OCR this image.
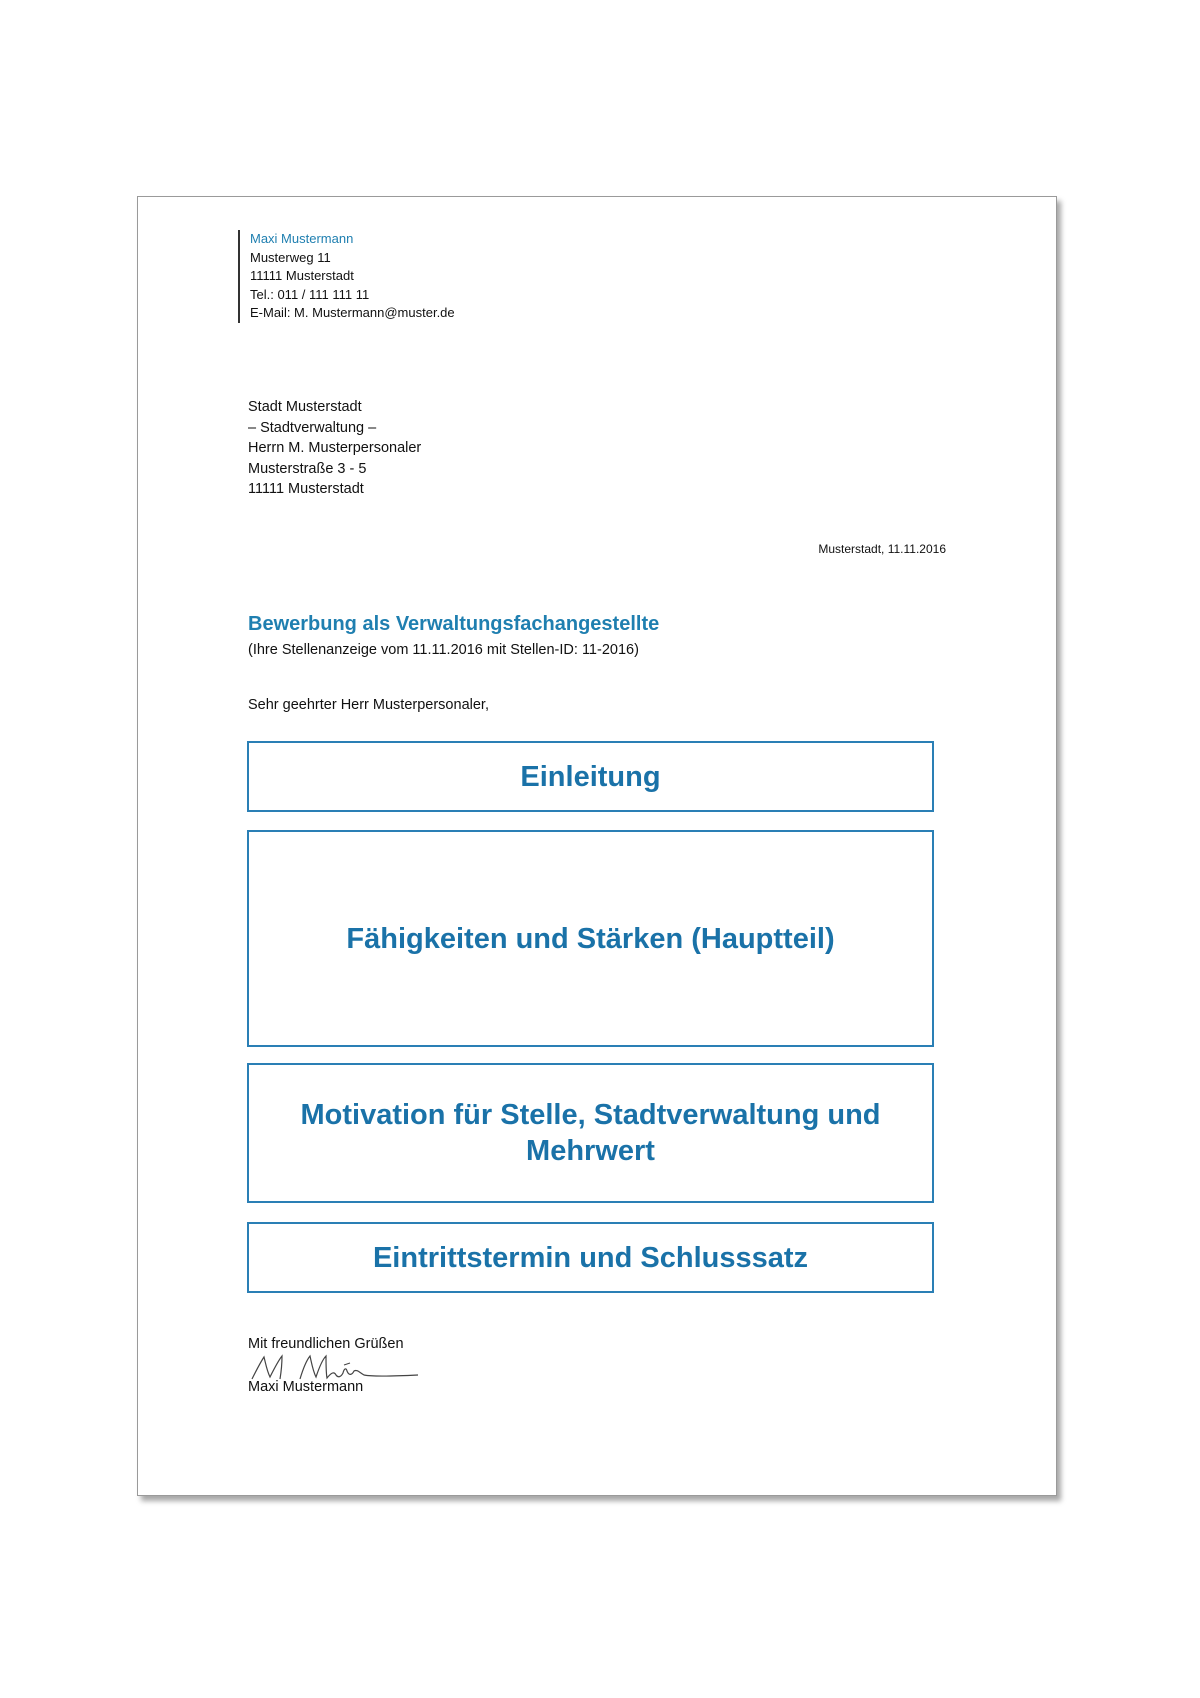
Maxi Mustermann
Musterweg 11
11111 Musterstadt
Tel.: 011 / 111 111 11
E-Mail: M. Mustermann@muster.de
Stadt Musterstadt
– Stadtverwaltung –
Herrn M. Musterpersonaler
Musterstraße 3 - 5
11111 Musterstadt
Musterstadt, 11.11.2016
Bewerbung als Verwaltungsfachangestellte
(Ihre Stellenanzeige vom 11.11.2016 mit Stellen-ID: 11-2016)
Sehr geehrter Herr Musterpersonaler,
Einleitung
Fähigkeiten und Stärken (Hauptteil)
Motivation für Stelle, Stadtverwaltung und Mehrwert
Eintrittstermin und Schlusssatz
Mit freundlichen Grüßen
Maxi Mustermann
